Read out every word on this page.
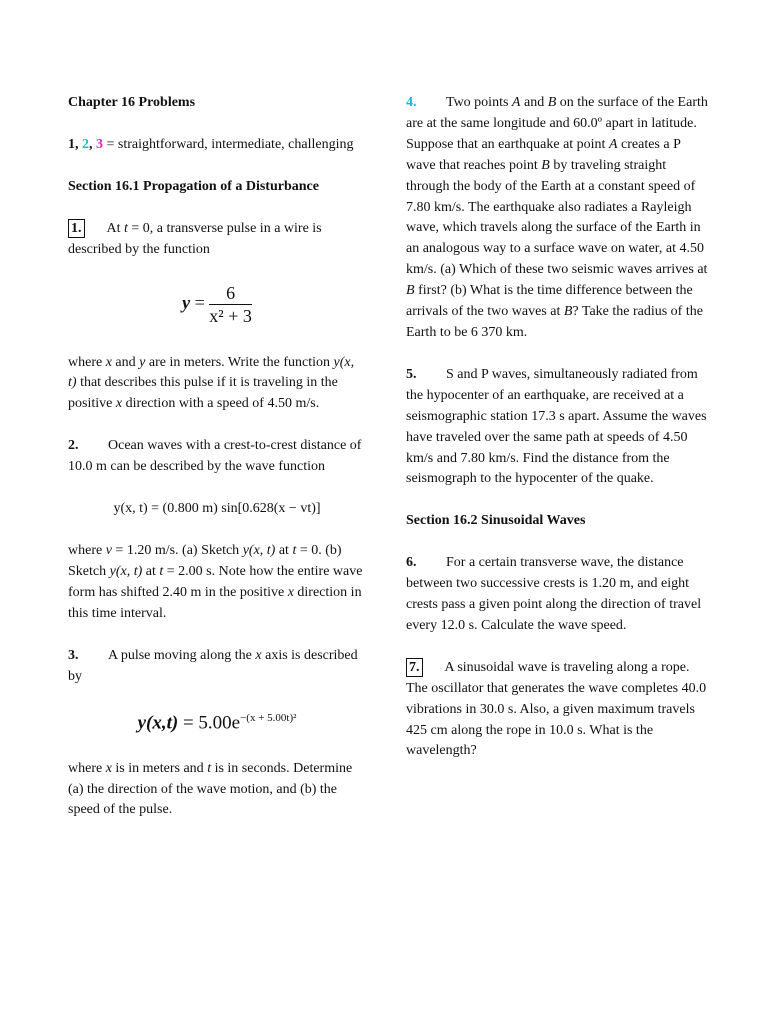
Chapter 16 Problems

1, 2, 3 = straightforward, intermediate, challenging

Section 16.1 Propagation of a Disturbance

1. At t = 0, a transverse pulse in a wire is described by the function

$y = \frac{6}{\text{x² + 3}}$

where x and y are in meters. Write the function y(x, t) that describes this pulse if it is traveling in the positive x direction with a speed of 4.50 m/s.

2. Ocean waves with a crest-to-crest distance of 10.0 m can be described by the wave function

y(x, t) = (0.800 m) sin[0.628(x − vt)]

where v = 1.20 m/s. (a) Sketch y(x, t) at t = 0. (b) Sketch y(x, t) at t = 2.00 s. Note how the entire wave form has shifted 2.40 m in the positive x direction in this time interval.

3. A pulse moving along the x axis is described by

$y(x,t) = 5.00e^{-(x + 5.00t)^2}$

where x is in meters and t is in seconds. Determine (a) the direction of the wave motion, and (b) the speed of the pulse.

4. Two points A and B on the surface of the Earth are at the same longitude and 60.0º apart in latitude. Suppose that an earthquake at point A creates a P wave that reaches point B by traveling straight through the body of the Earth at a constant speed of 7.80 km/s. The earthquake also radiates a Rayleigh wave, which travels along the surface of the Earth in an analogous way to a surface wave on water, at 4.50 km/s. (a) Which of these two seismic waves arrives at B first? (b) What is the time difference between the arrivals of the two waves at B? Take the radius of the Earth to be 6 370 km.

5. S and P waves, simultaneously radiated from the hypocenter of an earthquake, are received at a seismographic station 17.3 s apart. Assume the waves have traveled over the same path at speeds of 4.50 km/s and 7.80 km/s. Find the distance from the seismograph to the hypocenter of the quake.

Section 16.2 Sinusoidal Waves

6. For a certain transverse wave, the distance between two successive crests is 1.20 m, and eight crests pass a given point along the direction of travel every 12.0 s. Calculate the wave speed.

7. A sinusoidal wave is traveling along a rope. The oscillator that generates the wave completes 40.0 vibrations in 30.0 s. Also, a given maximum travels 425 cm along the rope in 10.0 s. What is the wavelength?
